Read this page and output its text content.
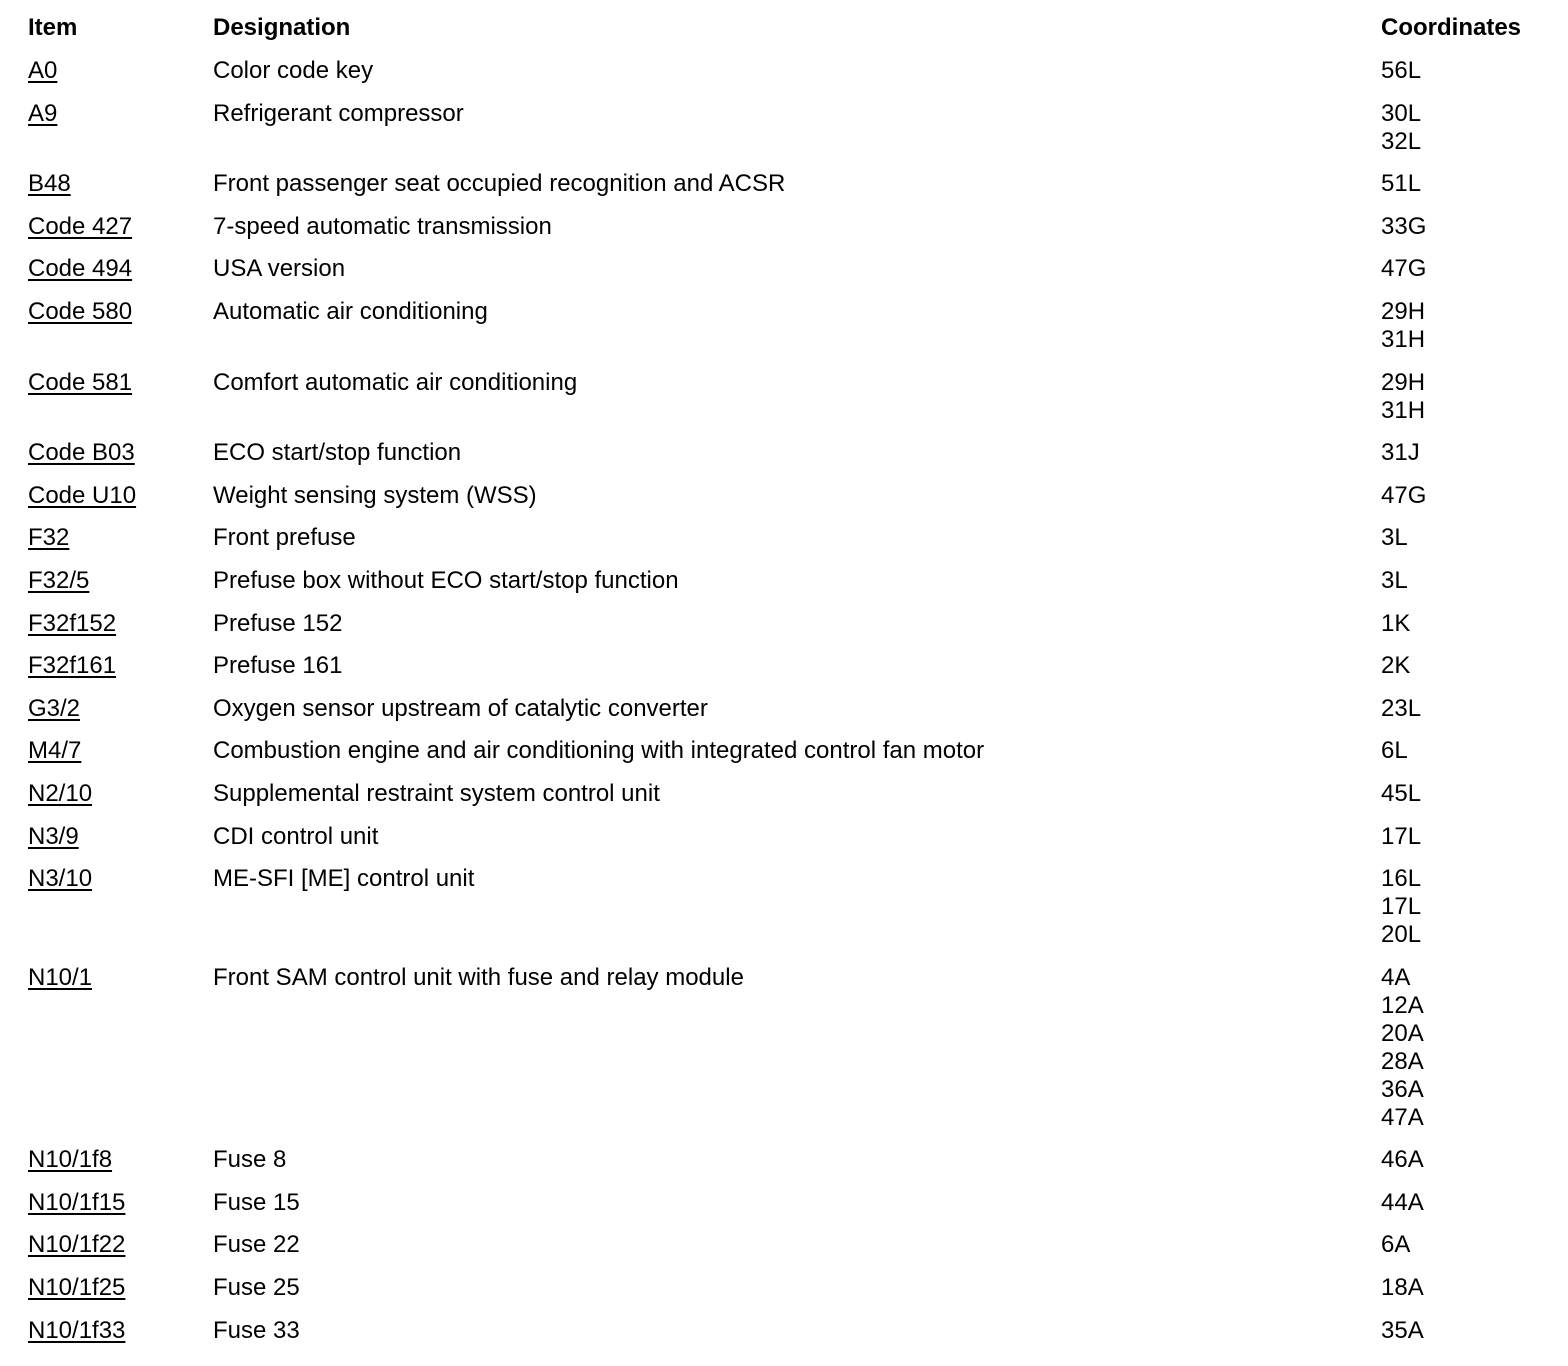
Item	Designation	Coordinates
A0	Color code key	56L
A9	Refrigerant compressor	30L
32L
B48	Front passenger seat occupied recognition and ACSR	51L
Code 427	7-speed automatic transmission	33G
Code 494	USA version	47G
Code 580	Automatic air conditioning	29H
31H
Code 581	Comfort automatic air conditioning	29H
31H
Code B03	ECO start/stop function	31J
Code U10	Weight sensing system (WSS)	47G
F32	Front prefuse	3L
F32/5	Prefuse box without ECO start/stop function	3L
F32f152	Prefuse 152	1K
F32f161	Prefuse 161	2K
G3/2	Oxygen sensor upstream of catalytic converter	23L
M4/7	Combustion engine and air conditioning with integrated control fan motor	6L
N2/10	Supplemental restraint system control unit	45L
N3/9	CDI control unit	17L
N3/10	ME-SFI [ME] control unit	16L
17L
20L
N10/1	Front SAM control unit with fuse and relay module	4A
12A
20A
28A
36A
47A
N10/1f8	Fuse 8	46A
N10/1f15	Fuse 15	44A
N10/1f22	Fuse 22	6A
N10/1f25	Fuse 25	18A
N10/1f33	Fuse 33	35A
